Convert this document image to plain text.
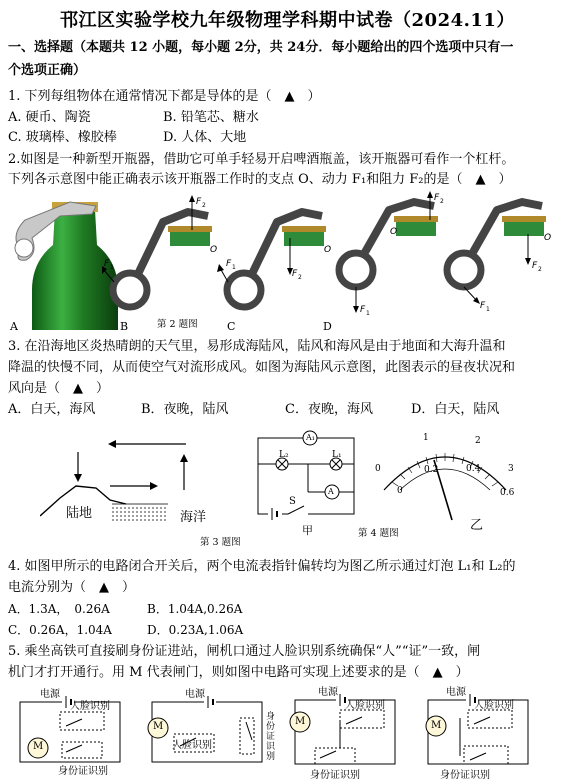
邗江区实验学校九年级物理学科期中试卷（2024.11）
一、选择题（本题共 12 小题，每小题 2分，共 24分．每小题给出的四个选项中只有一
个选项正确）
1. 下列每组物体在通常情况下都是导体的是（　▲　）
A. 硬币、陶瓷	B. 铅笔芯、糖水
C. 玻璃棒、橡胶棒	D. 人体、大地
2.如图是一种新型开瓶器，借助它可单手轻易开启啤酒瓶盖，该开瓶器可看作一个杠杆。
下列各示意图中能正确表示该开瓶器工作时的支点 O、动力 F₁和阻力 F₂的是（　▲　）
F 2
F 1
O
F 2
F 1
O
F 2
F 1
O
F 2
F 1
O
A	B	第 2 题图	C	D
3. 在沿海地区炎热晴朗的天气里，易形成海陆风，陆风和海风是由于地面和大海升温和
降温的快慢不同，从而使空气对流形成风。如图为海陆风示意图，此图表示的昼夜状况和
风向是（　▲　）
A．白天，海风	B．夜晚，陆风	C．夜晚，海风	D．白天，陆风
陆地	海洋
第 3 题图
A₁
L₂	L₁
A
S
甲	第 4 题图
0
1	2
3
0
0.2	0.4
0.6
乙
4. 如图甲所示的电路闭合开关后，两个电流表指针偏转均为图乙所示通过灯泡 L₁和 L₂的
电流分别为（　▲　）
A．1.3A，　0.26A	B．1.04A,0.26A
C．0.26A，1.04A	D．0.23A,1.06A
5. 乘坐高铁可直接刷身份证进站，闸机口通过人脸识别系统确保“人”“证”一致，闸
机门才打开通行。用 M 代表闸门，则如图中电路可实现上述要求的是（　▲　）
电源
人脸识别
M
身份证识别
电源
M
人脸识别
身份证识别
电源
人脸识别
M
身份证识别
电源
人脸识别
M
身份证识别
